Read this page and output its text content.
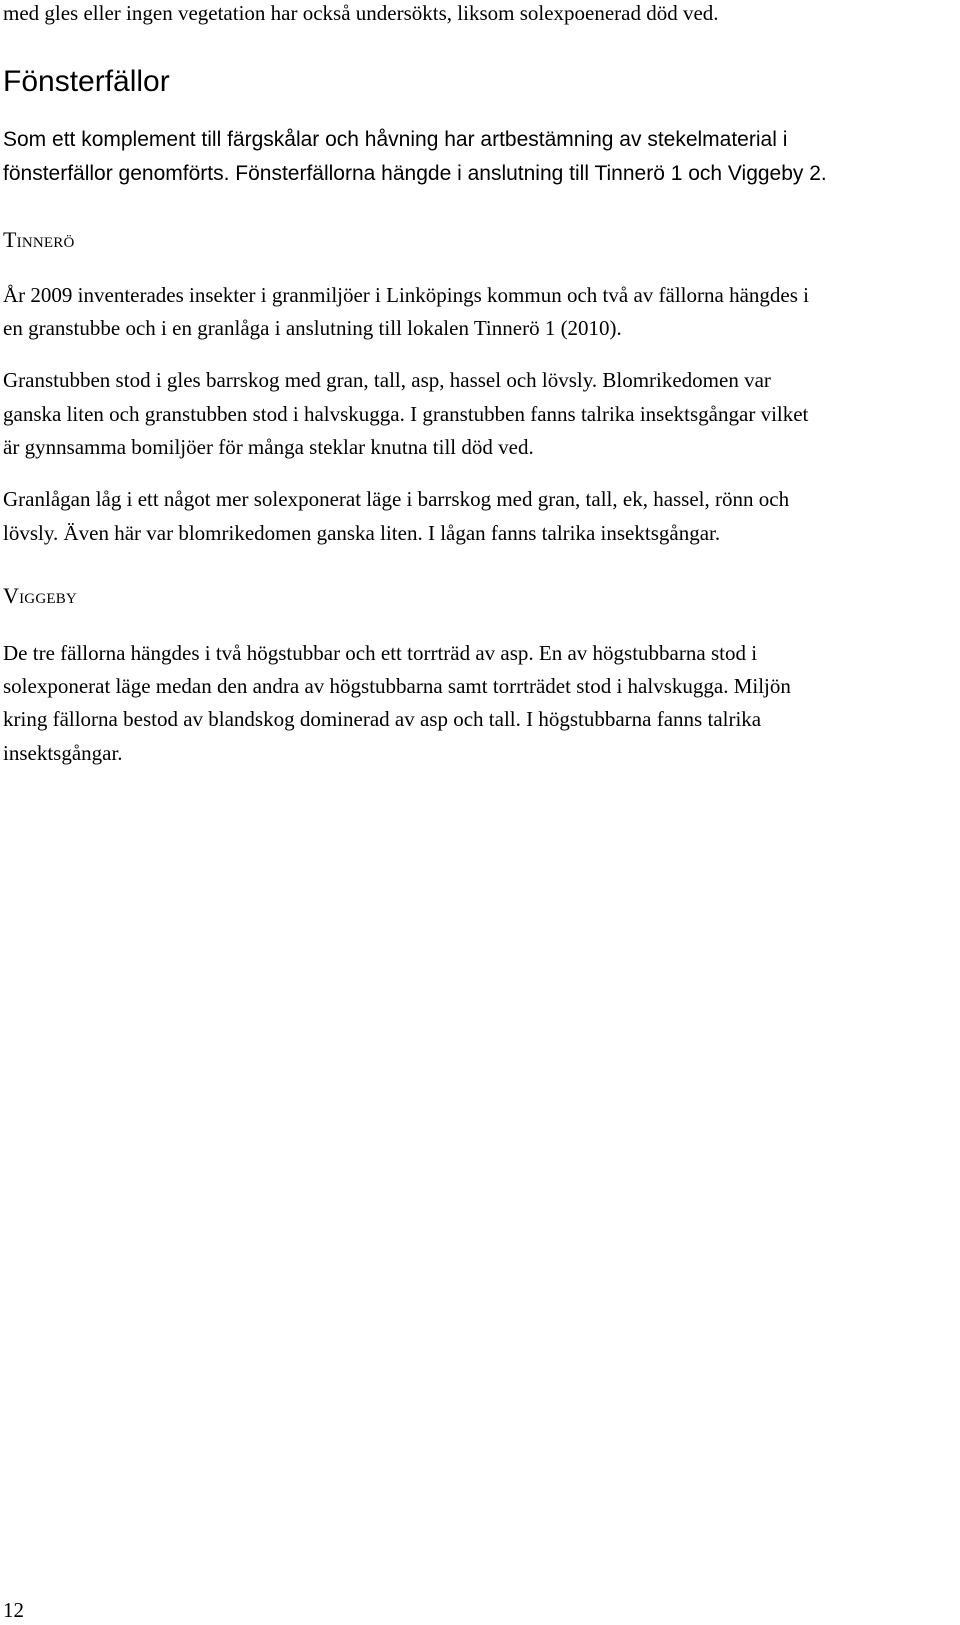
med gles eller ingen vegetation har också undersökts, liksom solexpoenerad död ved.
Fönsterfällor
Som ett komplement till färgskålar och håvning har artbestämning av stekelmaterial i
fönsterfällor genomförts. Fönsterfällorna hängde i anslutning till Tinnerö 1 och Viggeby 2.
Tinnerö
År 2009 inventerades insekter i granmiljöer i Linköpings kommun och två av fällorna hängdes i
en granstubbe och i en granlåga i anslutning till lokalen Tinnerö 1 (2010).
Granstubben stod i gles barrskog med gran, tall, asp, hassel och lövsly. Blomrikedomen var
ganska liten och granstubben stod i halvskugga. I granstubben fanns talrika insektsgångar vilket
är gynnsamma bomiljöer för många steklar knutna till död ved.
Granlågan låg i ett något mer solexponerat läge i barrskog med gran, tall, ek, hassel, rönn och
lövsly. Även här var blomrikedomen ganska liten. I lågan fanns talrika insektsgångar.
Viggeby
De tre fällorna hängdes i två högstubbar och ett torrträd av asp. En av högstubbarna stod i
solexponerat läge medan den andra av högstubbarna samt torrträdet stod i halvskugga. Miljön
kring fällorna bestod av blandskog dominerad av asp och tall. I högstubbarna fanns talrika
insektsgångar.
12
